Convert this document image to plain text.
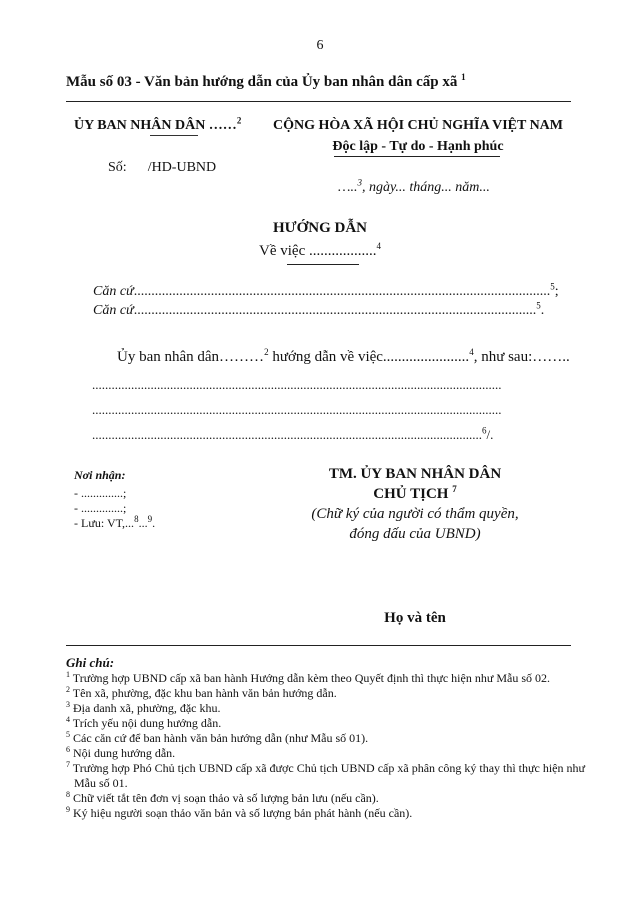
6
Mẫu số 03 - Văn bản hướng dẫn của Ủy ban nhân dân cấp xã $^1$
ỦY BAN NHÂN DÂN ……$^2$
Số: /HD-UBND
CỘNG HÒA XÃ HỘI CHỦ NGHĨA VIỆT NAM
Độc lập - Tự do - Hạnh phúc
…..$^3$, ngày... tháng... năm...
HƯỚNG DẪN
Về việc ..................$^4$
Căn cứ.......................................................................................................................$^5$;
Căn cứ...................................................................................................................$^5$.
Ủy ban nhân dân………$^2$ hướng dẫn về việc.......................$^4$, như sau:……..
..............................................................................................................................
..............................................................................................................................
........................................................................................................................$^6$/.
Nơi nhận:
- ..............;
- ..............;
- Lưu: VT,...$^8$...$^9$.
TM. ỦY BAN NHÂN DÂN
CHỦ TỊCH $^7$
(Chữ ký của người có thẩm quyền,
đóng dấu của UBND)
Họ và tên
Ghi chú:
$^1$ Trường hợp UBND cấp xã ban hành Hướng dẫn kèm theo Quyết định thì thực hiện như Mẫu số 02.
$^2$ Tên xã, phường, đặc khu ban hành văn bản hướng dẫn.
$^3$ Địa danh xã, phường, đặc khu.
$^4$ Trích yếu nội dung hướng dẫn.
$^5$ Các căn cứ để ban hành văn bản hướng dẫn (như Mẫu số 01).
$^6$ Nội dung hướng dẫn.
$^7$ Trường hợp Phó Chủ tịch UBND cấp xã được Chủ tịch UBND cấp xã phân công ký thay thì thực hiện như Mẫu số 01.
$^8$ Chữ viết tắt tên đơn vị soạn thảo và số lượng bản lưu (nếu cần).
$^9$ Ký hiệu người soạn thảo văn bản và số lượng bản phát hành (nếu cần).
